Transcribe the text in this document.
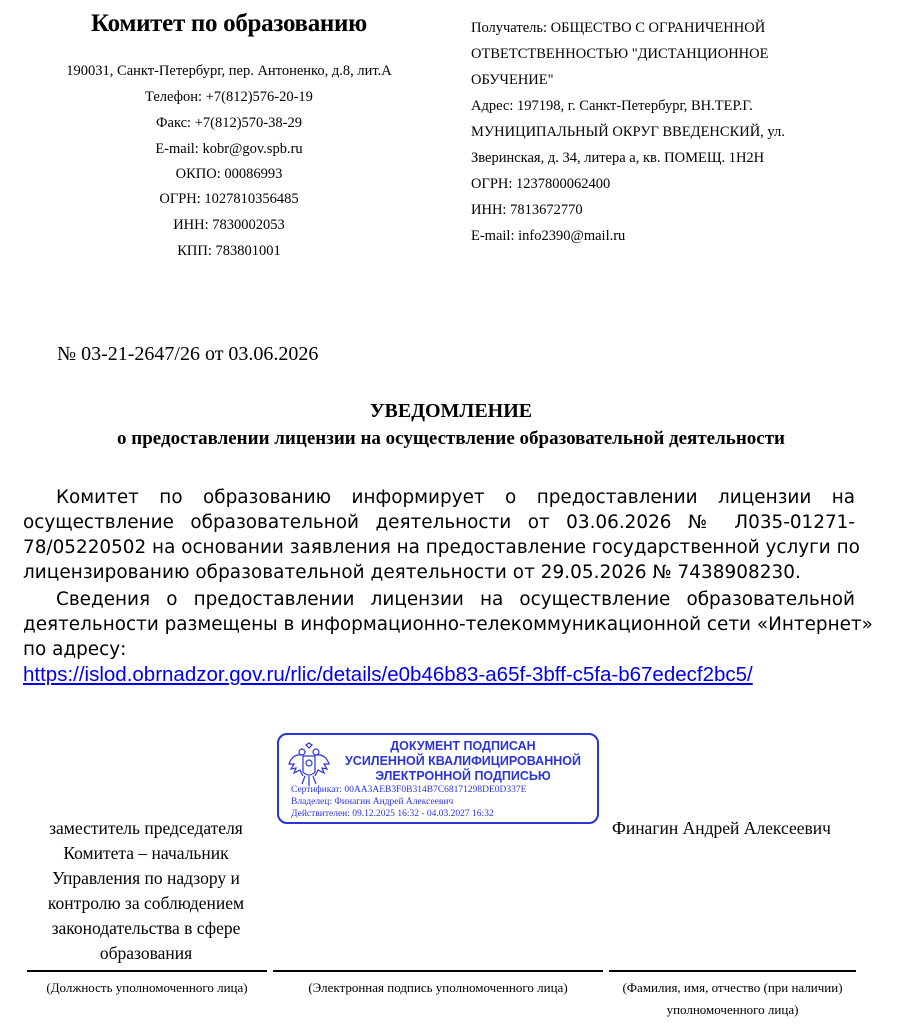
Комитет по образованию
190031, Санкт-Петербург, пер. Антоненко, д.8, лит.А
Телефон: +7(812)576-20-19
Факс: +7(812)570-38-29
E-mail: kobr@gov.spb.ru
ОКПО: 00086993
ОГРН: 1027810356485
ИНН: 7830002053
КПП: 783801001
Получатель: ОБЩЕСТВО С ОГРАНИЧЕННОЙ
ОТВЕТСТВЕННОСТЬЮ "ДИСТАНЦИОННОЕ
ОБУЧЕНИЕ"
Адрес: 197198, г. Санкт-Петербург, ВН.ТЕР.Г.
МУНИЦИПАЛЬНЫЙ ОКРУГ ВВЕДЕНСКИЙ, ул.
Зверинская, д. 34, литера а, кв. ПОМЕЩ. 1Н2Н
ОГРН: 1237800062400
ИНН: 7813672770
E-mail: info2390@mail.ru
№ 03-21-2647/26 от 03.06.2026
УВЕДОМЛЕНИЕ
о предоставлении лицензии на осуществление образовательной деятельности
Комитет по образованию информирует о предоставлении лицензии на
осуществление образовательной деятельности от 03.06.2026 № Л035-01271-
78/05220502 на основании заявления на предоставление государственной услуги по
лицензированию образовательной деятельности от 29.05.2026 № 7438908230.
Сведения о предоставлении лицензии на осуществление образовательной
деятельности размещены в информационно-телекоммуникационной сети «Интернет»
по адресу:
https://islod.obrnadzor.gov.ru/rlic/details/e0b46b83-a65f-3bff-c5fa-b67edecf2bc5/
ДОКУМЕНТ ПОДПИСАН
УСИЛЕННОЙ КВАЛИФИЦИРОВАННОЙ
ЭЛЕКТРОННОЙ ПОДПИСЬЮ
Сертификат: 00AA3AEB3F0B314B7C68171298DE0D337E
Владелец: Финагин Андрей Алексеевич
Действителен: 09.12.2025 16:32 - 04.03.2027 16:32
заместитель председателя
Комитета – начальник
Управления по надзору и
контролю за соблюдением
законодательства в сфере
образования
Финагин Андрей Алексеевич
(Должность уполномоченного лица)	(Электронная подпись уполномоченного лица)	(Фамилия, имя, отчество (при наличии)
уполномоченного лица)
